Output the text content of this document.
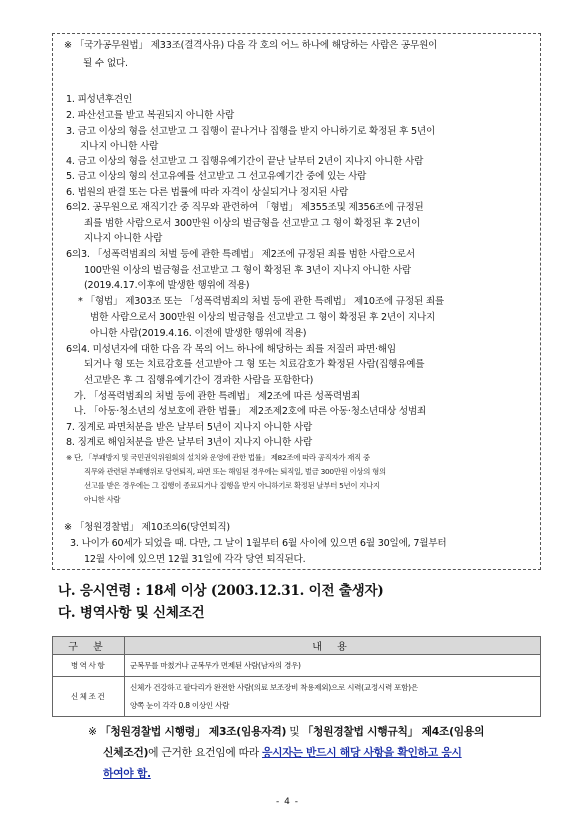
※ 「국가공무원법」 제33조(결격사유) 다음 각 호의 어느 하나에 해당하는 사람은 공무원이
될 수 없다.
1. 피성년후견인
2. 파산선고를 받고 복권되지 아니한 사람
3. 금고 이상의 형을 선고받고 그 집행이 끝나거나 집행을 받지 아니하기로 확정된 후 5년이
지나지 아니한 사람
4. 금고 이상의 형을 선고받고 그 집행유예기간이 끝난 날부터 2년이 지나지 아니한 사람
5. 금고 이상의 형의 선고유예를 선고받고 그 선고유예기간 중에 있는 사람
6. 법원의 판결 또는 다른 법률에 따라 자격이 상실되거나 정지된 사람
6의2. 공무원으로 재직기간 중 직무와 관련하여 「형법」 제355조및 제356조에 규정된
죄를 범한 사람으로서 300만원 이상의 벌금형을 선고받고 그 형이 확정된 후 2년이
지나지 아니한 사람
6의3. 「성폭력범죄의 처벌 등에 관한 특례법」 제2조에 규정된 죄를 범한 사람으로서
100만원 이상의 벌금형을 선고받고 그 형이 확정된 후 3년이 지나지 아니한 사람
(2019.4.17.이후에 발생한 행위에 적용)
* 「형법」 제303조 또는 「성폭력범죄의 처벌 등에 관한 특례법」 제10조에 규정된 죄를
범한 사람으로서 300만원 이상의 벌금형을 선고받고 그 형이 확정된 후 2년이 지나지
아니한 사람(2019.4.16. 이전에 발생한 행위에 적용)
6의4. 미성년자에 대한 다음 각 목의 어느 하나에 해당하는 죄를 저질러 파면·해임
되거나 형 또는 치료감호를 선고받아 그 형 또는 치료감호가 확정된 사람(집행유예를
선고받은 후 그 집행유예기간이 경과한 사람을 포함한다)
가. 「성폭력범죄의 처벌 등에 관한 특례법」 제2조에 따른 성폭력범죄
나. 「아동·청소년의 성보호에 관한 법률」 제2조제2호에 따른 아동·청소년대상 성범죄
7. 징계로 파면처분을 받은 날부터 5년이 지나지 아니한 사람
8. 징계로 해임처분을 받은 날부터 3년이 지나지 아니한 사람
※ 단, 「부패방지 및 국민권익위원회의 설치와 운영에 관한 법률」 제82조에 따라 공직자가 재직 중
직무와 관련된 부패행위로 당연퇴직, 파면 또는 해임된 경우에는 퇴직일, 벌금 300만원 이상의 형의
선고를 받은 경우에는 그 집행이 종료되거나 집행을 받지 아니하기로 확정된 날부터 5년이 지나지
아니한 사람
※ 「청원경찰법」 제10조의6(당연퇴직)
3. 나이가 60세가 되었을 때. 다만, 그 날이 1월부터 6월 사이에 있으면 6월 30일에, 7월부터
12월 사이에 있으면 12월 31일에 각각 당연 퇴직된다.
나. 응시연령 : 18세 이상 (2003.12.31. 이전 출생자)
다. 병역사항 및 신체조건
구 분	내 용
병역사항	군복무를 마쳤거나 군복무가 면제된 사람(남자의 경우)
신체조건	신체가 건강하고 팔다리가 완전한 사람(의료 보조장비 착용제외)으로 시력(교정시력 포함)은
양쪽 눈이 각각 0.8 이상인 사람
※ 「청원경찰법 시행령」 제3조(임용자격) 및 「청원경찰법 시행규칙」 제4조(임용의
신체조건)에 근거한 요건임에 따라 응시자는 반드시 해당 사항을 확인하고 응시
하여야 함.
- 4 -
